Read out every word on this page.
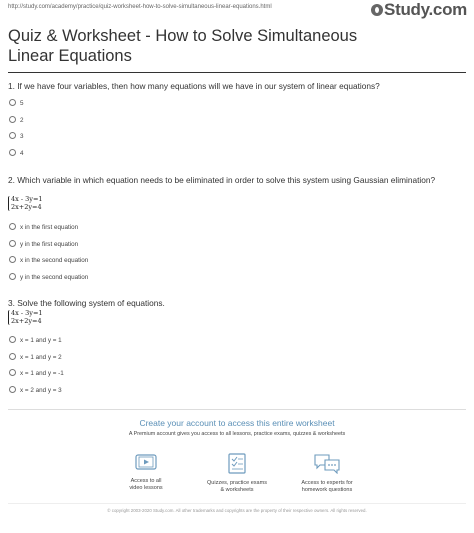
http://study.com/academy/practice/quiz-worksheet-how-to-solve-simultaneous-linear-equations.html	Study.com
Quiz & Worksheet - How to Solve Simultaneous Linear Equations
1. If we have four variables, then how many equations will we have in our system of linear equations?
5
2
3
4
2. Which variable in which equation needs to be eliminated in order to solve this system using Gaussian elimination?
4x - 3y=1
2x+2y=4
x in the first equation
y in the first equation
x in the second equation
y in the second equation
3. Solve the following system of equations.
4x - 3y=1
2x+2y=4
x = 1 and y = 1
x = 1 and y = 2
x = 1 and y = -1
x = 2 and y = 3
Create your account to access this entire worksheet
A Premium account gives you access to all lessons, practice exams, quizzes & worksheets
Access to all
video lessons
Quizzes, practice exams
& worksheets
Access to experts for
homework questions
© copyright 2003-2020 Study.com. All other trademarks and copyrights are the property of their respective owners. All rights reserved.
